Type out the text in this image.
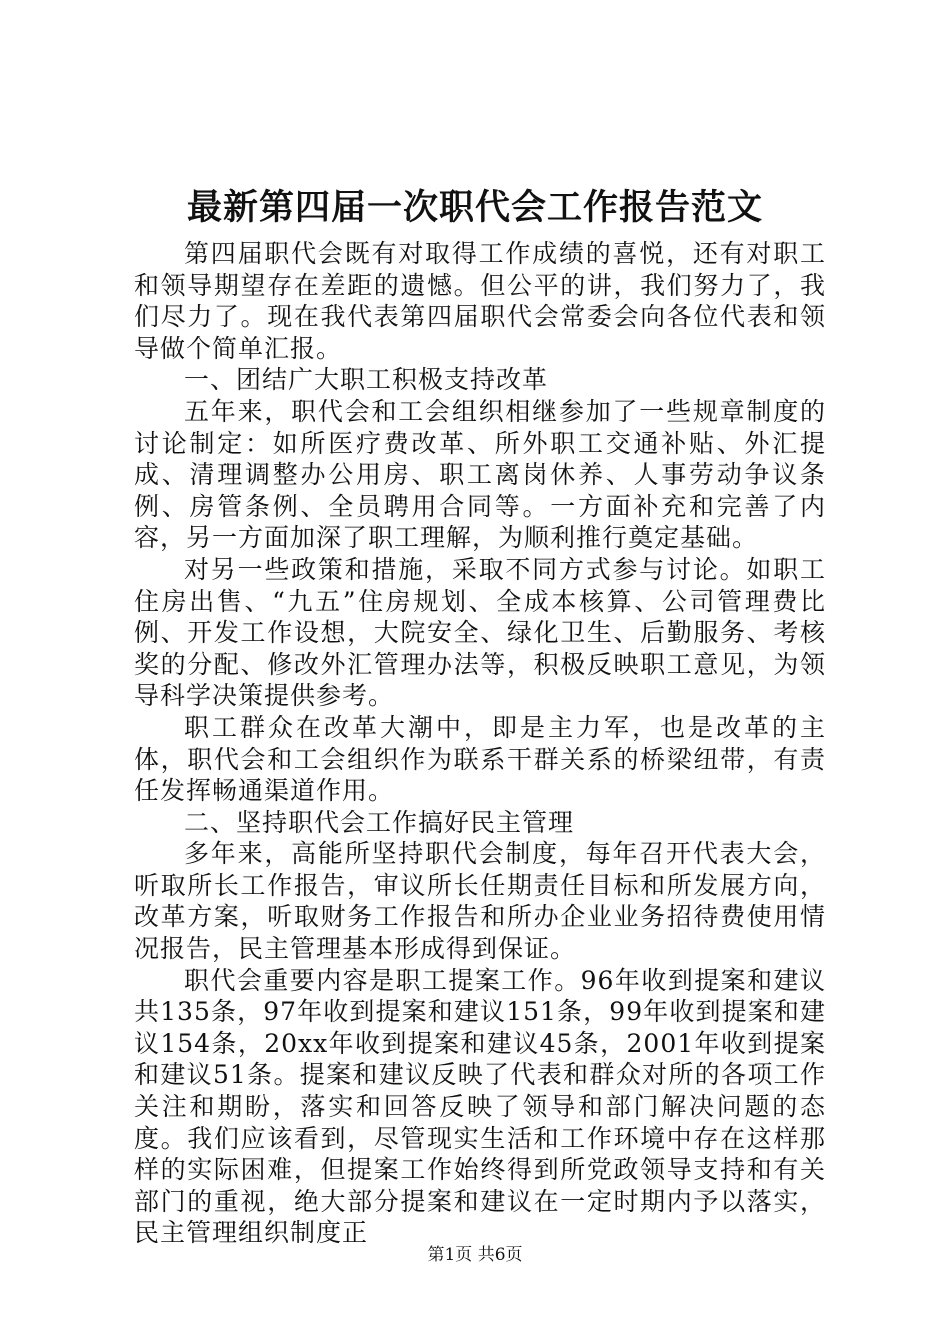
最新第四届一次职代会工作报告范文

第四届职代会既有对取得工作成绩的喜悦，还有对职工和领导期望存在差距的遗憾。但公平的讲，我们努力了，我们尽力了。现在我代表第四届职代会常委会向各位代表和领导做个简单汇报。

一、团结广大职工积极支持改革

五年来，职代会和工会组织相继参加了一些规章制度的讨论制定：如所医疗费改革、所外职工交通补贴、外汇提成、清理调整办公用房、职工离岗休养、人事劳动争议条例、房管条例、全员聘用合同等。一方面补充和完善了内容，另一方面加深了职工理解，为顺利推行奠定基础。

对另一些政策和措施，采取不同方式参与讨论。如职工住房出售、“九五”住房规划、全成本核算、公司管理费比例、开发工作设想，大院安全、绿化卫生、后勤服务、考核奖的分配、修改外汇管理办法等，积极反映职工意见，为领导科学决策提供参考。

职工群众在改革大潮中，即是主力军，也是改革的主体，职代会和工会组织作为联系干群关系的桥梁纽带，有责任发挥畅通渠道作用。

二、坚持职代会工作搞好民主管理

多年来，高能所坚持职代会制度，每年召开代表大会，听取所长工作报告，审议所长任期责任目标和所发展方向，改革方案，听取财务工作报告和所办企业业务招待费使用情况报告，民主管理基本形成得到保证。

职代会重要内容是职工提案工作。96年收到提案和建议共135条，97年收到提案和建议151条，99年收到提案和建议154条，20xx年收到提案和建议45条，2001年收到提案和建议51条。提案和建议反映了代表和群众对所的各项工作关注和期盼，落实和回答反映了领导和部门解决问题的态度。我们应该看到，尽管现实生活和工作环境中存在这样那样的实际困难，但提案工作始终得到所党政领导支持和有关部门的重视，绝大部分提案和建议在一定时期内予以落实，民主管理组织制度正

第1页 共6页
